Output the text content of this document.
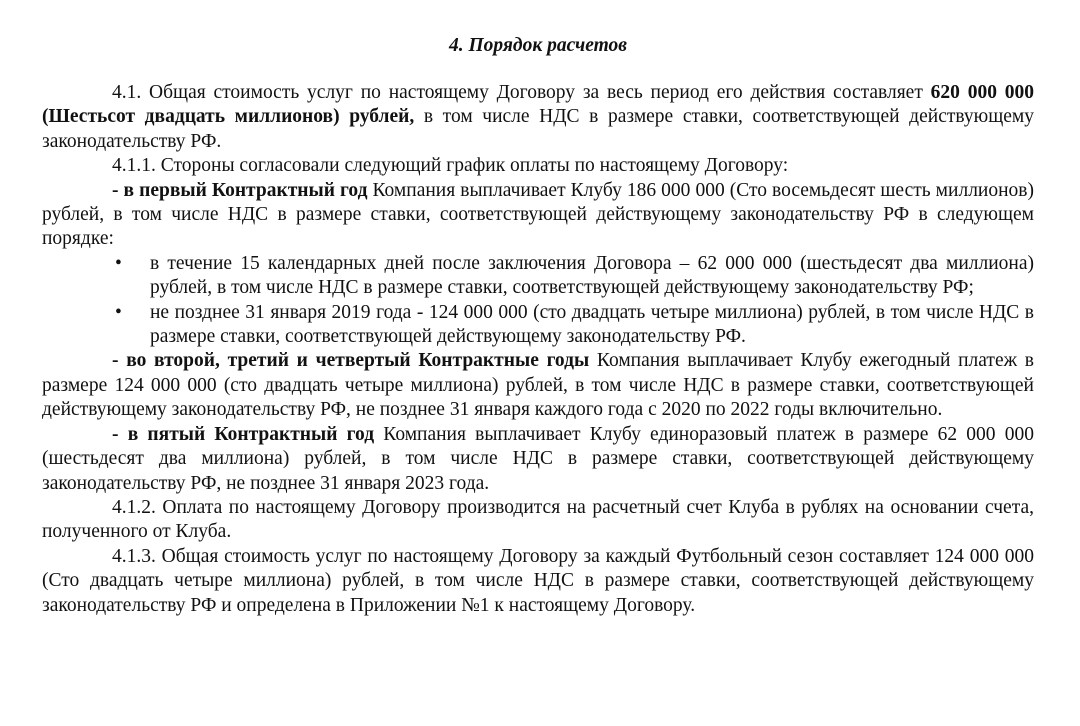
4. Порядок расчетов

4.1. Общая стоимость услуг по настоящему Договору за весь период его действия составляет 620 000 000 (Шестьсот двадцать миллионов) рублей, в том числе НДС в размере ставки, соответствующей действующему законодательству РФ.

4.1.1. Стороны согласовали следующий график оплаты по настоящему Договору:

- в первый Контрактный год Компания выплачивает Клубу 186 000 000 (Сто восемьдесят шесть миллионов) рублей, в том числе НДС в размере ставки, соответствующей действующему законодательству РФ в следующем порядке:

• в течение 15 календарных дней после заключения Договора – 62 000 000 (шестьдесят два миллиона) рублей, в том числе НДС в размере ставки, соответствующей действующему законодательству РФ;
• не позднее 31 января 2019 года - 124 000 000 (сто двадцать четыре миллиона) рублей, в том числе НДС в размере ставки, соответствующей действующему законодательству РФ.

- во второй, третий и четвертый Контрактные годы Компания выплачивает Клубу ежегодный платеж в размере 124 000 000 (сто двадцать четыре миллиона) рублей, в том числе НДС в размере ставки, соответствующей действующему законодательству РФ, не позднее 31 января каждого года с 2020 по 2022 годы включительно.

- в пятый Контрактный год Компания выплачивает Клубу единоразовый платеж в размере 62 000 000 (шестьдесят два миллиона) рублей, в том числе НДС в размере ставки, соответствующей действующему законодательству РФ, не позднее 31 января 2023 года.

4.1.2. Оплата по настоящему Договору производится на расчетный счет Клуба в рублях на основании счета, полученного от Клуба.

4.1.3. Общая стоимость услуг по настоящему Договору за каждый Футбольный сезон составляет 124 000 000 (Сто двадцать четыре миллиона) рублей, в том числе НДС в размере ставки, соответствующей действующему законодательству РФ и определена в Приложении №1 к настоящему Договору.
